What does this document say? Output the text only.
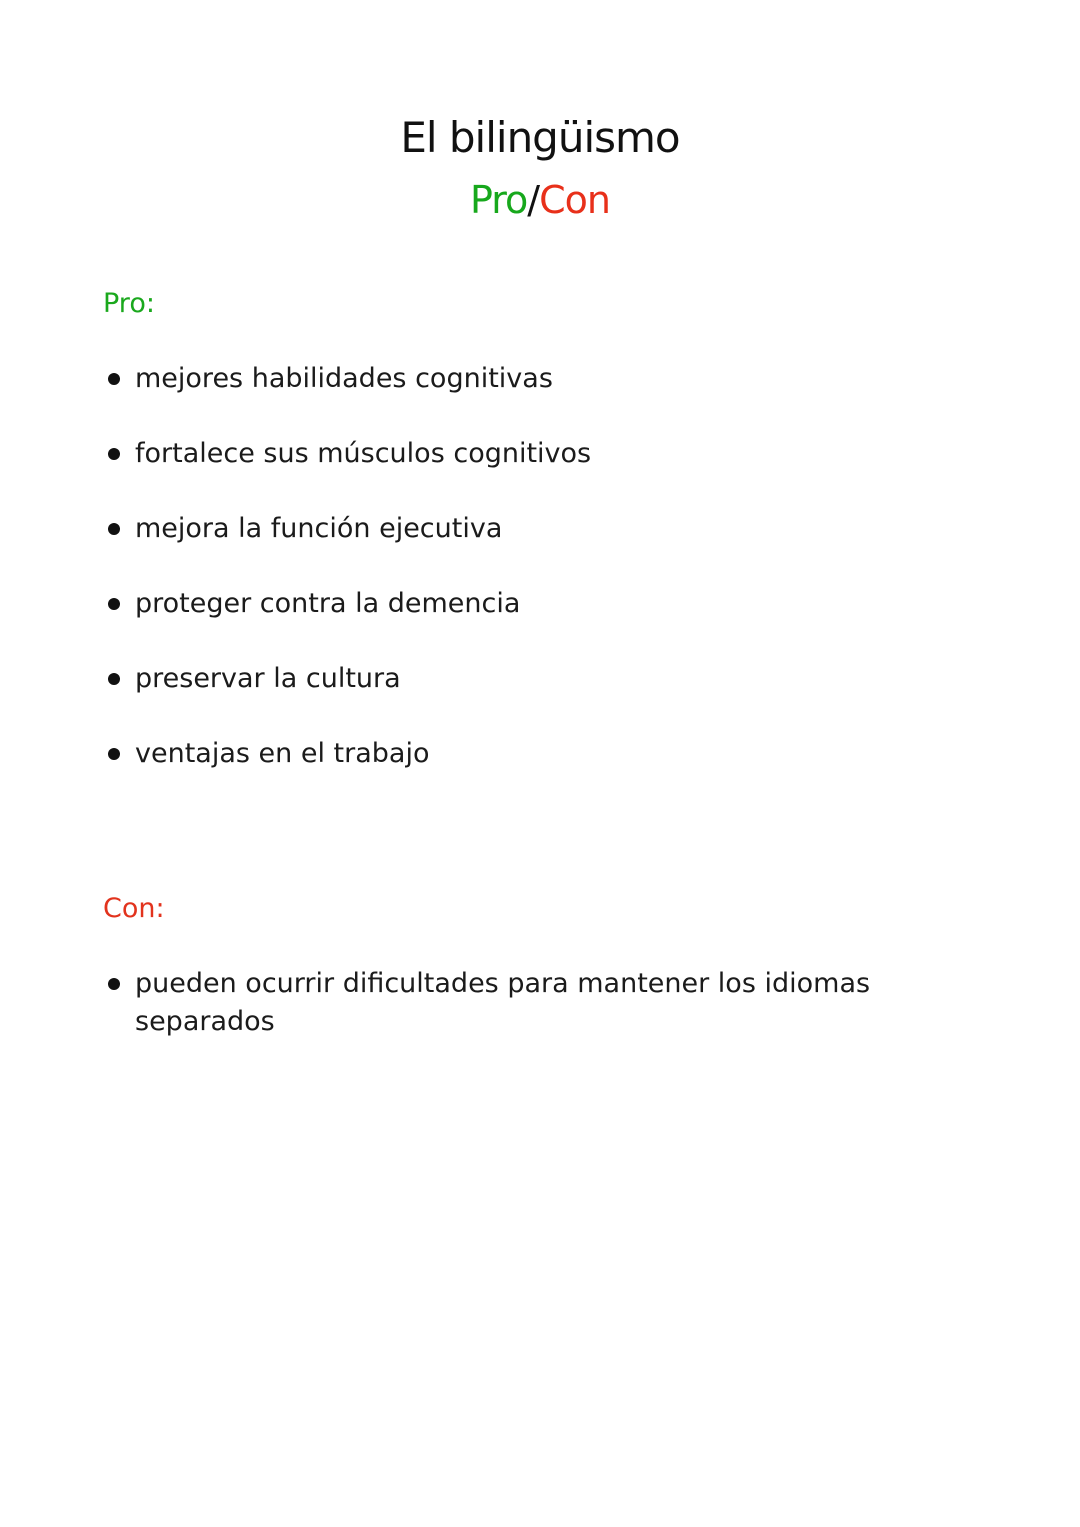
El bilingüismo
Pro/Con
Pro:
mejores habilidades cognitivas
fortalece sus músculos cognitivos
mejora la función ejecutiva
proteger contra la demencia
preservar la cultura
ventajas en el trabajo
Con:
pueden ocurrir dificultades para mantener los idiomas separados
